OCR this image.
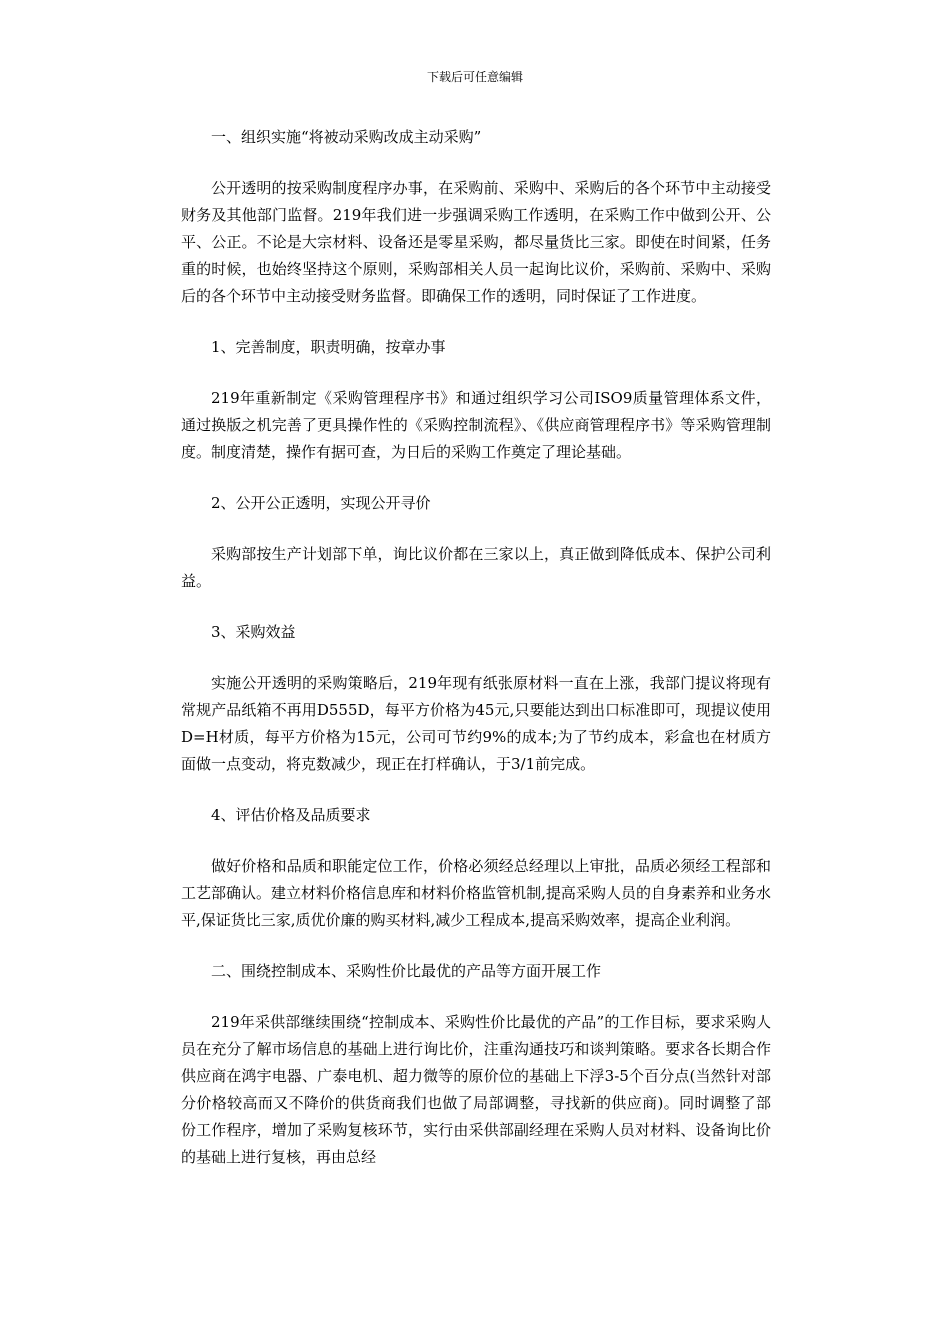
下载后可任意编辑

一、组织实施“将被动采购改成主动采购”

公开透明的按采购制度程序办事，在采购前、采购中、采购后的各个环节中主动接受财务及其他部门监督。219年我们进一步强调采购工作透明，在采购工作中做到公开、公平、公正。不论是大宗材料、设备还是零星采购，都尽量货比三家。即使在时间紧，任务重的时候，也始终坚持这个原则，采购部相关人员一起询比议价，采购前、采购中、采购后的各个环节中主动接受财务监督。即确保工作的透明，同时保证了工作进度。

1、完善制度，职责明确，按章办事

219年重新制定《采购管理程序书》和通过组织学习公司ISO9质量管理体系文件，通过换版之机完善了更具操作性的《采购控制流程》、《供应商管理程序书》等采购管理制度。制度清楚，操作有据可查，为日后的采购工作奠定了理论基础。

2、公开公正透明，实现公开寻价

采购部按生产计划部下单，询比议价都在三家以上，真正做到降低成本、保护公司利益。

3、采购效益

实施公开透明的采购策略后，219年现有纸张原材料一直在上涨，我部门提议将现有常规产品纸箱不再用D555D，每平方价格为45元,只要能达到出口标准即可，现提议使用D=H材质，每平方价格为15元，公司可节约9%的成本;为了节约成本，彩盒也在材质方面做一点变动，将克数减少，现正在打样确认，于3/1前完成。

4、评估价格及品质要求

做好价格和品质和职能定位工作，价格必须经总经理以上审批，品质必须经工程部和工艺部确认。建立材料价格信息库和材料价格监管机制,提高采购人员的自身素养和业务水平,保证货比三家,质优价廉的购买材料,减少工程成本,提高采购效率，提高企业利润。

二、围绕控制成本、采购性价比最优的产品等方面开展工作

219年采供部继续围绕“控制成本、采购性价比最优的产品”的工作目标，要求采购人员在充分了解市场信息的基础上进行询比价，注重沟通技巧和谈判策略。要求各长期合作供应商在鸿宇电器、广泰电机、超力微等的原价位的基础上下浮3-5个百分点(当然针对部分价格较高而又不降价的供货商我们也做了局部调整，寻找新的供应商)。同时调整了部份工作程序，增加了采购复核环节，实行由采供部副经理在采购人员对材料、设备询比价的基础上进行复核，再由总经
